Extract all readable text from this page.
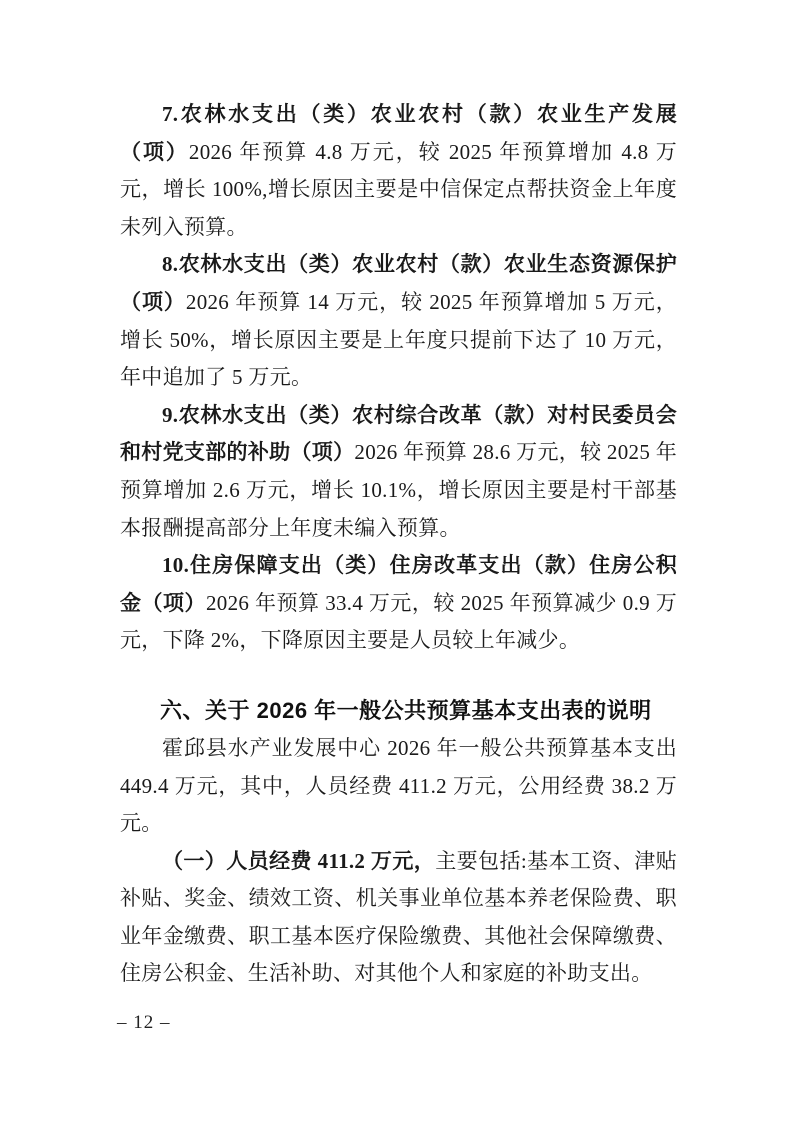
7.农林水支出（类）农业农村（款）农业生产发展（项）2026 年预算 4.8 万元，较 2025 年预算增加 4.8 万元，增长 100%,增长原因主要是中信保定点帮扶资金上年度未列入预算。

8.农林水支出（类）农业农村（款）农业生态资源保护（项）2026 年预算 14 万元，较 2025 年预算增加 5 万元，增长 50%，增长原因主要是上年度只提前下达了 10 万元，年中追加了 5 万元。

9.农林水支出（类）农村综合改革（款）对村民委员会和村党支部的补助（项）2026 年预算 28.6 万元，较 2025 年预算增加 2.6 万元，增长 10.1%，增长原因主要是村干部基本报酬提高部分上年度未编入预算。

10.住房保障支出（类）住房改革支出（款）住房公积金（项）2026 年预算 33.4 万元，较 2025 年预算减少 0.9 万元，下降 2%，下降原因主要是人员较上年减少。

六、关于 2026 年一般公共预算基本支出表的说明

霍邱县水产业发展中心 2026 年一般公共预算基本支出 449.4 万元，其中，人员经费 411.2 万元，公用经费 38.2 万元。

（一）人员经费 411.2 万元，主要包括:基本工资、津贴补贴、奖金、绩效工资、机关事业单位基本养老保险费、职业年金缴费、职工基本医疗保险缴费、其他社会保障缴费、住房公积金、生活补助、对其他个人和家庭的补助支出。

– 12 –
